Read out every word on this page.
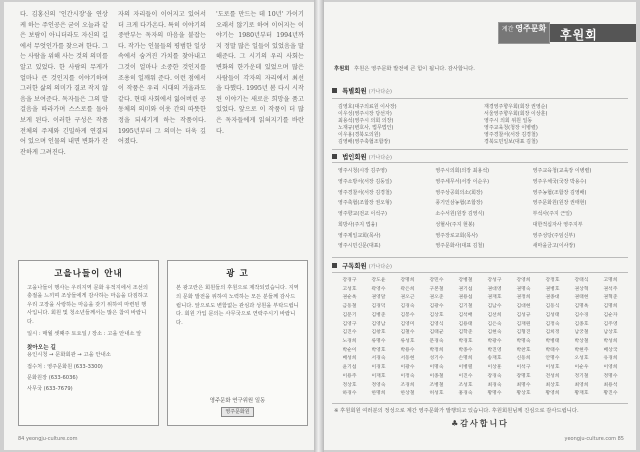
다. 김홍신의 '인간시장'을 연상케 하는 주인공은 굳이 오늘과 같은 보람이 아니더라도 자신의 길에서 무엇인가를 찾으려 한다. 그는 사람을 위해 사는 것의 의미를 알고 있었다. 한 사람의 무게가 얼마나 큰 것인지를 이야기하며 그러한 삶의 의미가 결코 작지 않음을 보여준다. 독자들은 그의 발걸음을 따라가며 스스로를 돌아보게 된다. 이러한 구성은 작품 전체의 주제와 긴밀하게 연결되어 있으며 인물의 내면 변화가 잔잔하게 그려진다.
자의 자리들이 이어지고 있어서 더 크게 다가온다. 특히 이야기의 중반부는 독자의 마음을 붙잡는다. 작가는 인물들의 평범한 일상 속에서 숨겨진 가치를 찾아내고 그것이 얼마나 소중한 것인지를 조용히 일깨워 준다. 이런 점에서 이 작품은 우리 시대의 거울과도 같다. 현대 사회에서 잃어버린 공동체의 의미와 이웃 간의 따뜻한 정을 되새기게 하는 작품이다. 1995년부터 그 의미는 더욱 깊어졌다.
'도로를 만드는 데 10년' 가이기 오래서 않기로 하여 이어지는 이야기는 1980년부터 1994년까지 정말 많은 일들이 있었음을 말해준다. 그 시기의 우리 사회는 변화의 한가운데 있었으며 많은 사람들이 각자의 자리에서 최선을 다했다. 1995년 봄 다시 시작된 이야기는 새로운 희망을 품고 있었다. 앞으로 이 작품이 더 많은 독자들에게 읽혀지기를 바란다.
고을나들이 안내
고을나들이 행사는 우리지역 문화 유적지에서 조선의 충절을 느끼며 조상들에게 감사하는 마음을 다짐하고 우리 고장을 사랑하는 마음을 갖기 위하여 마련된 행사입니다. 회원 및 청소년들께서는 많은 참여 바랍니다.
일시 : 매월 셋째주 토요일 / 장소 : 고을 안내소 앞
찾아오는 길
용인시청 → 문화회관 → 고을 안내소
접수처 : 영주문화원 (633-3300)
문화원장 (633-6036)
사무국 (633-7679)
광 고
본 광고란은 회원들의 후원으로 제작되었습니다. 지역의 문화 발전을 위하여 노력하는 모든 분들께 감사드립니다. 앞으로도 변함없는 관심과 성원을 부탁드립니다. 회원 가입 문의는 사무국으로 연락주시기 바랍니다.
영주문화 연구위원 일동
영주문화원
84 yeongju-culture.com
계간 영주문화	후원회
후원회 후원은 영주문화 발전에 큰 힘이 됩니다. 감사합니다.
특별회원 (가나다순)
김영호(대구의료원 이사장)	재경영주향우회(회장 권영순)
이우성(영주시장 당선자)	서울영주향우회(회장 이상훈)
최용석(영주시 의회 의장)	영주시 의회 위원 일동
노재규(변호사, 법무법인)	영주교육청(청장 이병렬)
이우용(경북도의원)	영주경찰서(서장 김경철)
김영배(영주축협조합장)	경북도민일보(대표 김철)
법인회원 (가나다순)
영주시청(시장 김주영)	영주시의회(의장 최용석)	영주교육청(교육장 이병렬)
영주소방서(서장 김동일)	영주세무서(서장 이순우)	영주우체국(국장 박용수)
영주경찰서(서장 김경철)	영주상공회의소(회장)	영주농협(조합장 김영배)
영주축협(조합장 권오형)	풍기인삼농협(조합장)	영주문화원(원장 권태현)
영주향교(전교 이석구)	소수서원(원장 김영식)	부석사(주지 근일)
희방사(주지 법융)	성혈사(주지 현봉)	대한적십자사 영주지부
영주제일교회(목사)	영주장로교회(목사)	영주성당(주임신부)
영주시민신문(대표)	영주문화사(대표 김철)	새마을금고(이사장)
구독회원 (가나다순)
강경구	강도윤	강명희	강민수	강병철	강성구	강영희	강정호	강태식	고명희
고성호	곽영수	곽은희	구본철	권기섭	권대영	권명숙	권병호	권상혁	권석주
권순옥	권영달	권오근	권오준	권용섭	권재호	권정희	권종대	권태현	권혁준
금동철	김경덕	김경숙	김광수	김기철	김남수	김대현	김동식	김명옥	김명희
김문기	김병준	김봉수	김상호	김석배	김선희	김성규	김성태	김수경	김순자
김영구	김영남	김영미	김영식	김용태	김은숙	김재원	김정숙	김종호	김주영
김진수	김창호	김철수	김태균	김학준	김현숙	김형진	김희정	남궁철	남상호
노경희	류명수	류성호	문경숙	박경호	박광수	박명숙	박병태	박상철	박성희
박순이	박영호	박용수	박정희	박종수	박진영	박찬호	박태수	박현주	배상국
배성희	서경숙	서동현	성기수	손명희	송재호	신동희	안명수	오성호	유경희
윤기섭	이경호	이광수	이명숙	이병렬	이상훈	이석구	이성호	이순우	이영희
이용주	이재호	이정숙	이종철	이진수	장경숙	장명호	전성희	정기철	정명수
정상호	정영숙	조경희	조병철	조성호	최경숙	최명수	최상호	최영희	최용석
하경수	한명희	한상철	허성호	홍경숙	황명수	황상호	황영희	황재호	황진수
※ 후원회원 여러분의 정성으로 계간 영주문화가 발행되고 있습니다. 후원회원님께 진심으로 감사드립니다.
♣감사합니다
yeongju-culture.com 85
